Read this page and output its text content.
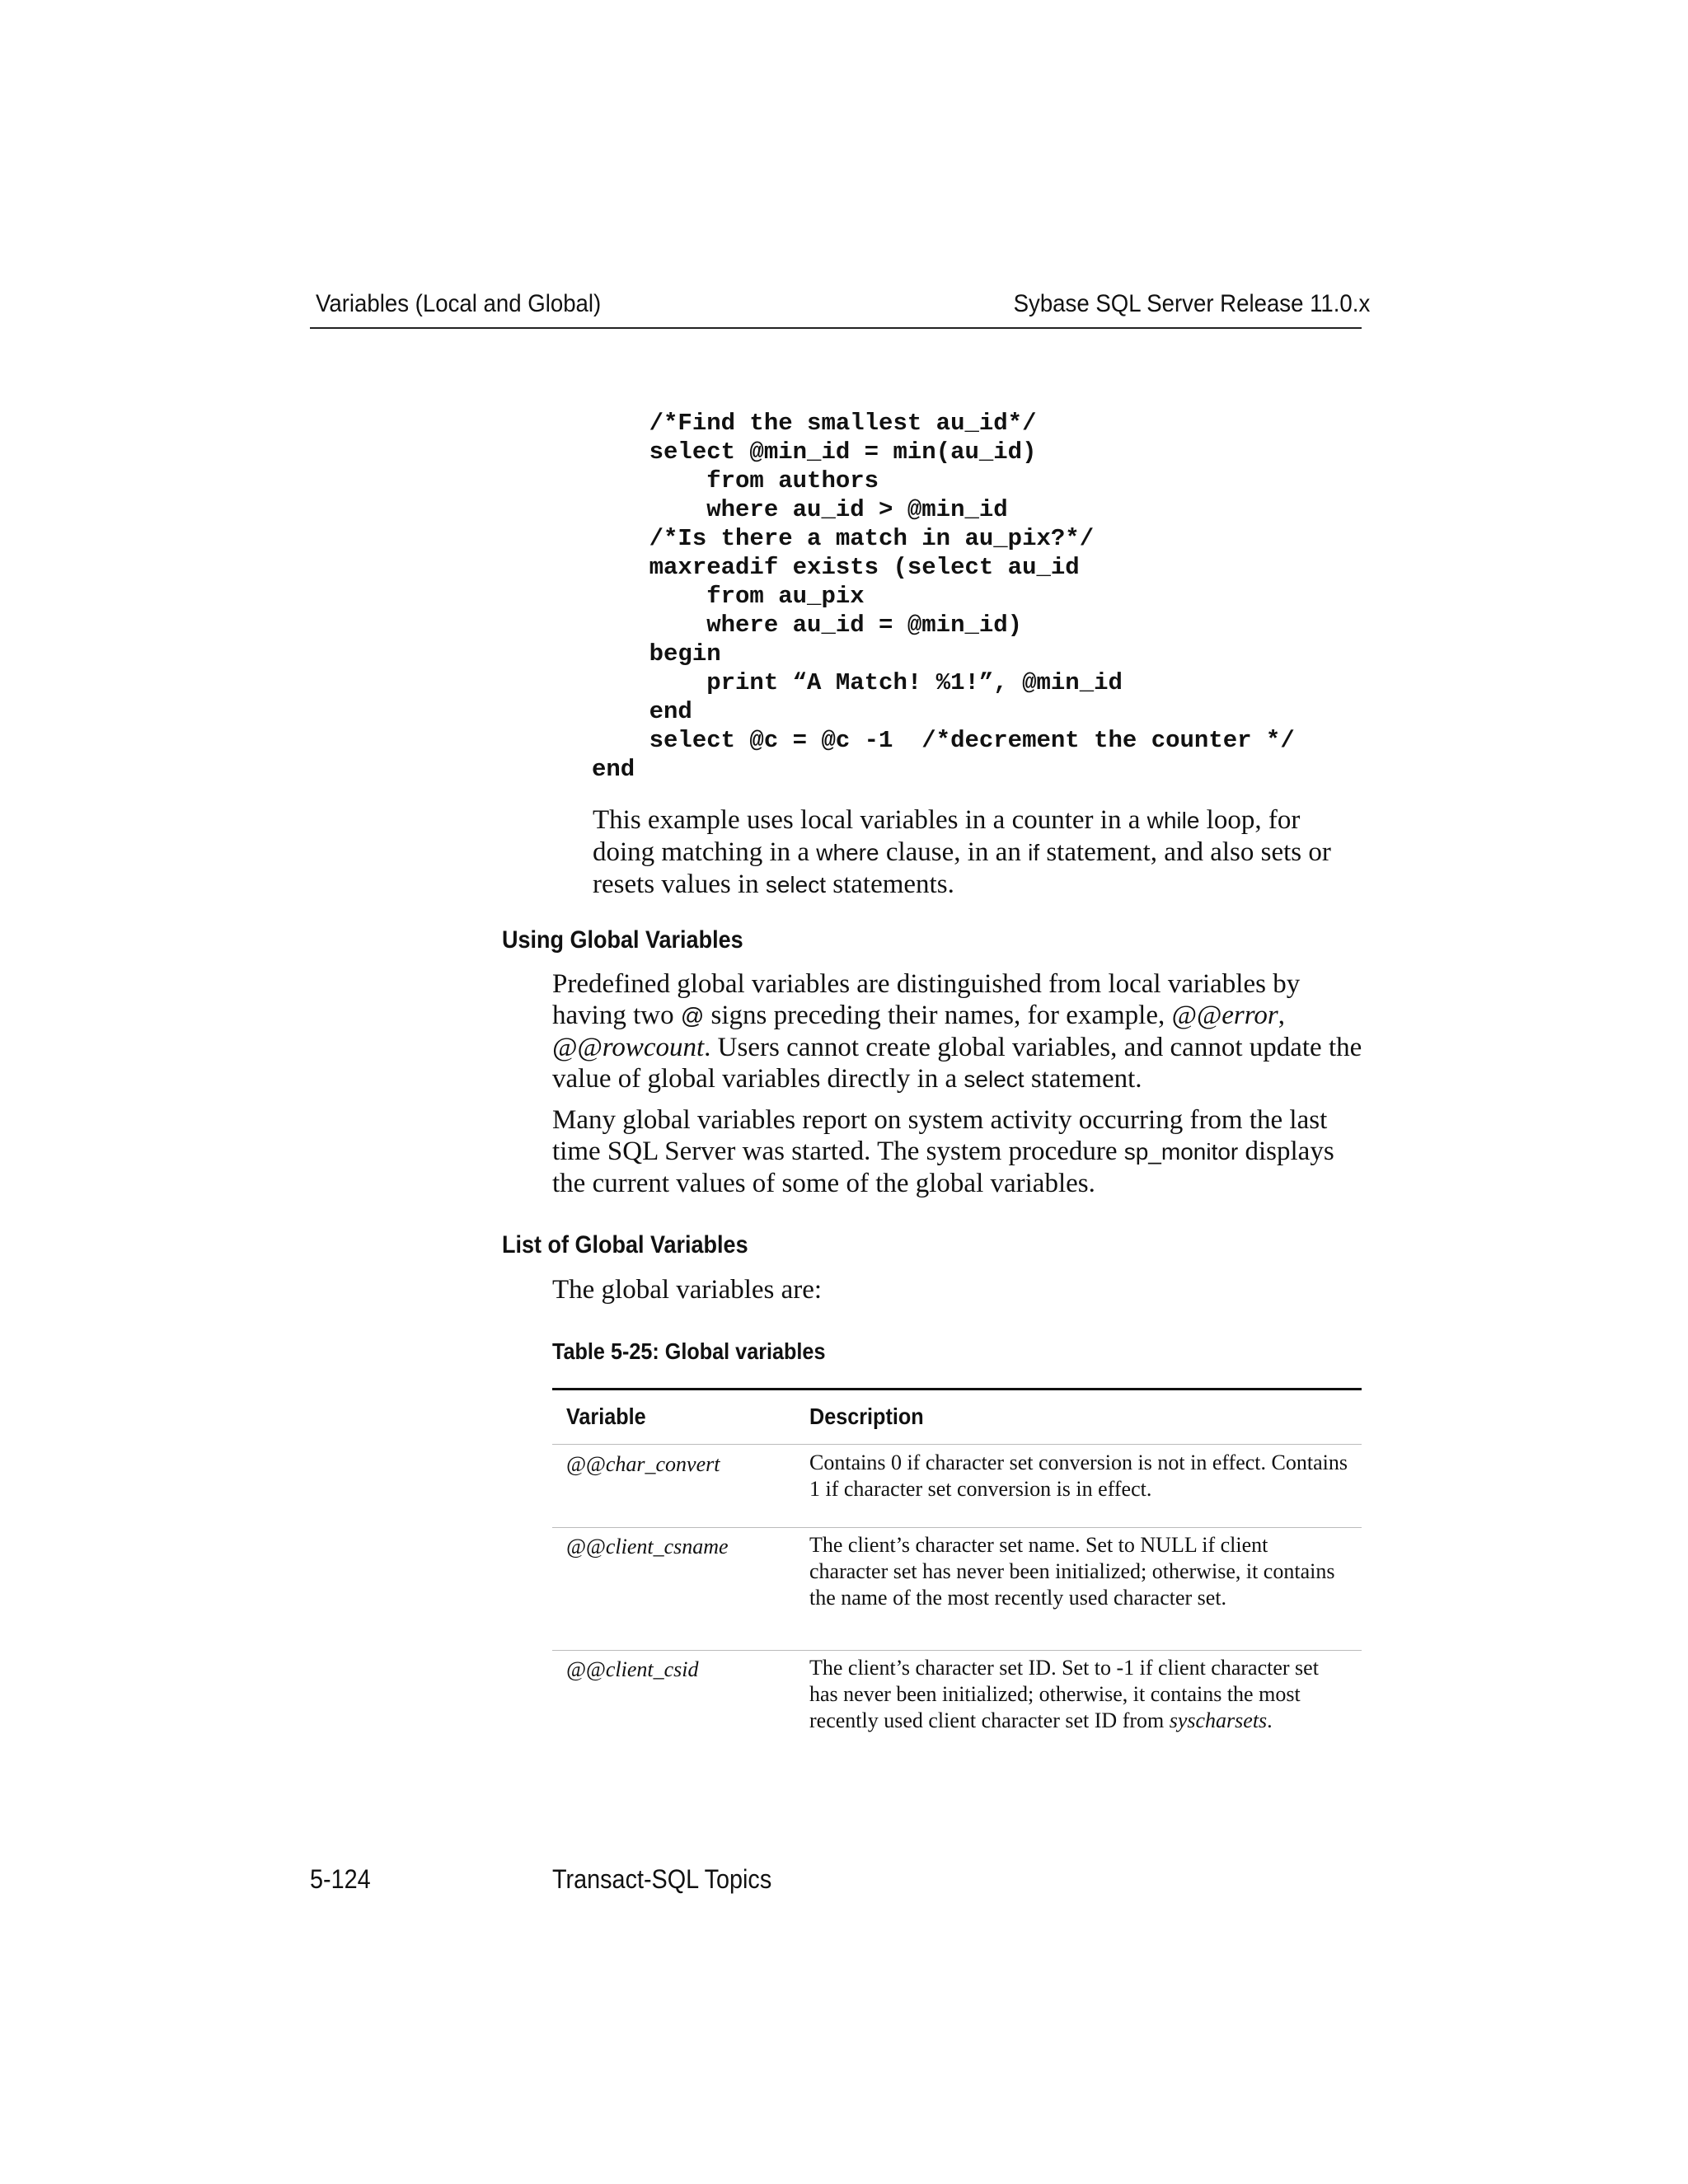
Variables (Local and Global)	Sybase SQL Server Release 11.0.x
/*Find the smallest au_id*/
select @min_id = min(au_id)
from authors
where au_id > @min_id
/*Is there a match in au_pix?*/
maxreadif exists (select au_id
from au_pix
where au_id = @min_id)
begin
print “A Match! %1!”, @min_id
end
select @c = @c -1  /*decrement the counter */
end

This example uses local variables in a counter in a while loop, for doing matching in a where clause, in an if statement, and also sets or resets values in select statements.

Using Global Variables

Predefined global variables are distinguished from local variables by having two @ signs preceding their names, for example, @@error, @@rowcount. Users cannot create global variables, and cannot update the value of global variables directly in a select statement.

Many global variables report on system activity occurring from the last time SQL Server was started. The system procedure sp_monitor displays the current values of some of the global variables.

List of Global Variables

The global variables are:

Table 5-25: Global variables
Variable	Description
@@char_convert	Contains 0 if character set conversion is not in effect. Contains 1 if character set conversion is in effect.
@@client_csname	The client’s character set name. Set to NULL if client character set has never been initialized; otherwise, it contains the name of the most recently used character set.
@@client_csid	The client’s character set ID. Set to -1 if client character set has never been initialized; otherwise, it contains the most recently used client character set ID from syscharsets.
5-124	Transact-SQL Topics
